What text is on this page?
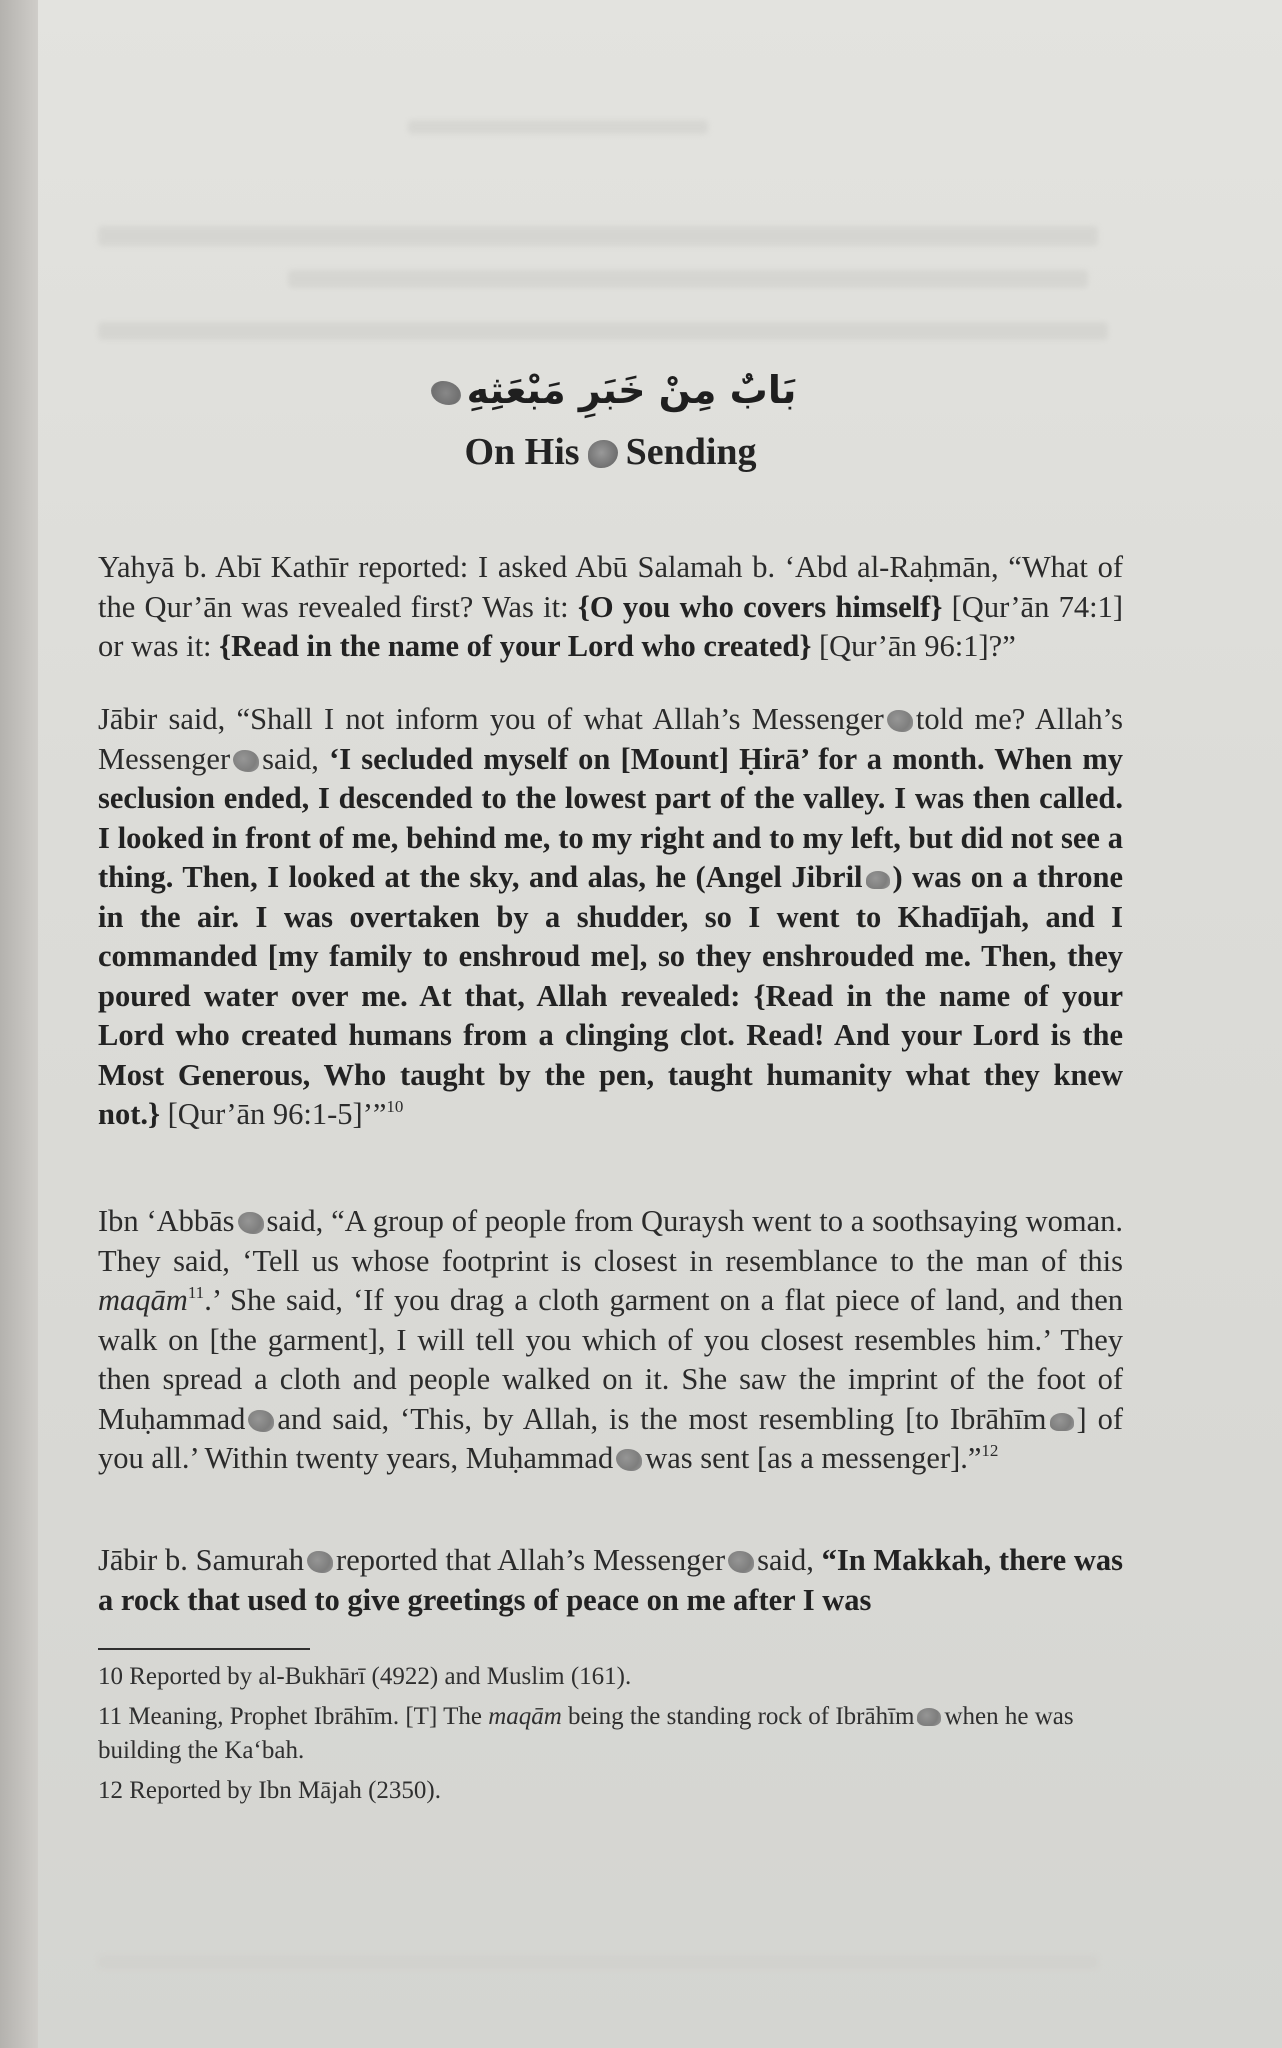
بَابٌ مِنْ خَبَرِ مَبْعَثِهِ
On His Sending

Yahyā b. Abī Kathīr reported: I asked Abū Salamah b. ‘Abd al-Raḥmān, “What of the Qur’ān was revealed first? Was it: {O you who covers himself} [Qur’ān 74:1] or was it: {Read in the name of your Lord who created} [Qur’ān 96:1]?”

Jābir said, “Shall I not inform you of what Allah’s Messenger told me? Allah’s Messenger said, ‘I secluded myself on [Mount] Ḥirā’ for a month. When my seclusion ended, I descended to the lowest part of the valley. I was then called. I looked in front of me, behind me, to my right and to my left, but did not see a thing. Then, I looked at the sky, and alas, he (Angel Jibril ) was on a throne in the air. I was overtaken by a shudder, so I went to Khadījah, and I commanded [my family to enshroud me], so they enshrouded me. Then, they poured water over me. At that, Allah revealed: {Read in the name of your Lord who created humans from a clinging clot. Read! And your Lord is the Most Generous, Who taught by the pen, taught humanity what they knew not.} [Qur’ān 96:1-5]’”$^{10}$

Ibn ‘Abbās said, “A group of people from Quraysh went to a soothsaying woman. They said, ‘Tell us whose footprint is closest in resemblance to the man of this maqām$^{11}$.’ She said, ‘If you drag a cloth garment on a flat piece of land, and then walk on [the garment], I will tell you which of you closest resembles him.’ They then spread a cloth and people walked on it. She saw the imprint of the foot of Muḥammad and said, ‘This, by Allah, is the most resembling [to Ibrāhīm ] of you all.’ Within twenty years, Muḥammad was sent [as a messenger].”$^{12}$

Jābir b. Samurah reported that Allah’s Messenger said, “In Makkah, there was a rock that used to give greetings of peace on me after I was

10 Reported by al-Bukhārī (4922) and Muslim (161).

11 Meaning, Prophet Ibrāhīm. [T] The maqām being the standing rock of Ibrāhīm when he was building the Ka‘bah.

12 Reported by Ibn Mājah (2350).
